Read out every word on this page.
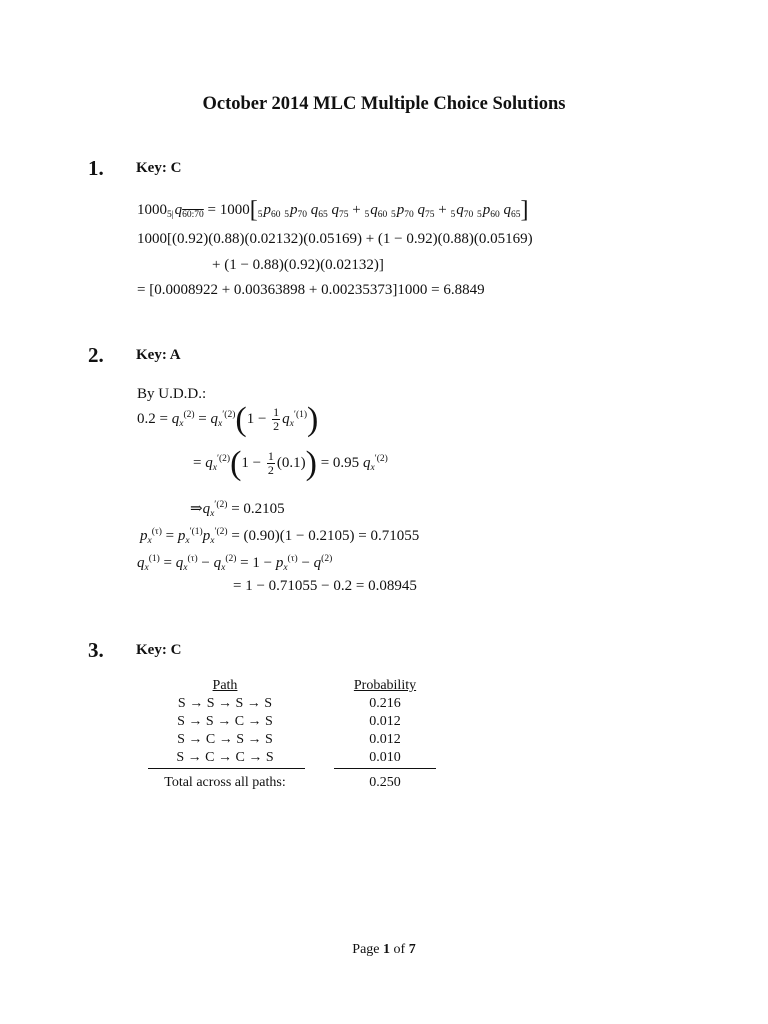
October 2014 MLC Multiple Choice Solutions
1. Key: C
$1000_{5|}q_{60:70} = 1000[_5p_{60}$ $_5p_{70}$ $q_{65}$ $q_{75} + _5q_{60}$ $_5p_{70}$ $q_{75} + _5q_{70}$ $_5p_{60}$ $q_{65}$]
1000[(0.92)(0.88)(0.02132)(0.05169) + (1 − 0.92)(0.88)(0.05169)
+ (1 − 0.88)(0.92)(0.02132)]
= [0.0008922 + 0.00363898 + 0.00235373]1000 = 6.8849
2. Key: A
By U.D.D.:
$0.2 = q_x^{(2)} = q_x^{'(2)}(1 - \frac{1}{2} q_x^{'(1)})$
= $q_x^{'(2)}(1 - \frac{1}{2} (0.1)) = 0.95$ $q_x^{'(2)}$
$\Rightarrow q_x^{'(2)} = 0.2105$
$p_x^{(\tau)} = p_x^{'(1)}p_x^{'(2)} = (0.90)(1 - 0.2105) = 0.71055$
$q_x^{(1)} = q_x^{(\tau)} - q_x^{(2)} = 1 - p_x^{(\tau)} - q^{(2)}$
= 1 − 0.71055 − 0.2 = 0.08945
3. Key: C
Path	Probability
S → S → S → S	0.216
S → S → C → S	0.012
S → C → S → S	0.012
S → C → C → S	0.010
Total across all paths:	0.250
Page 1 of 7
